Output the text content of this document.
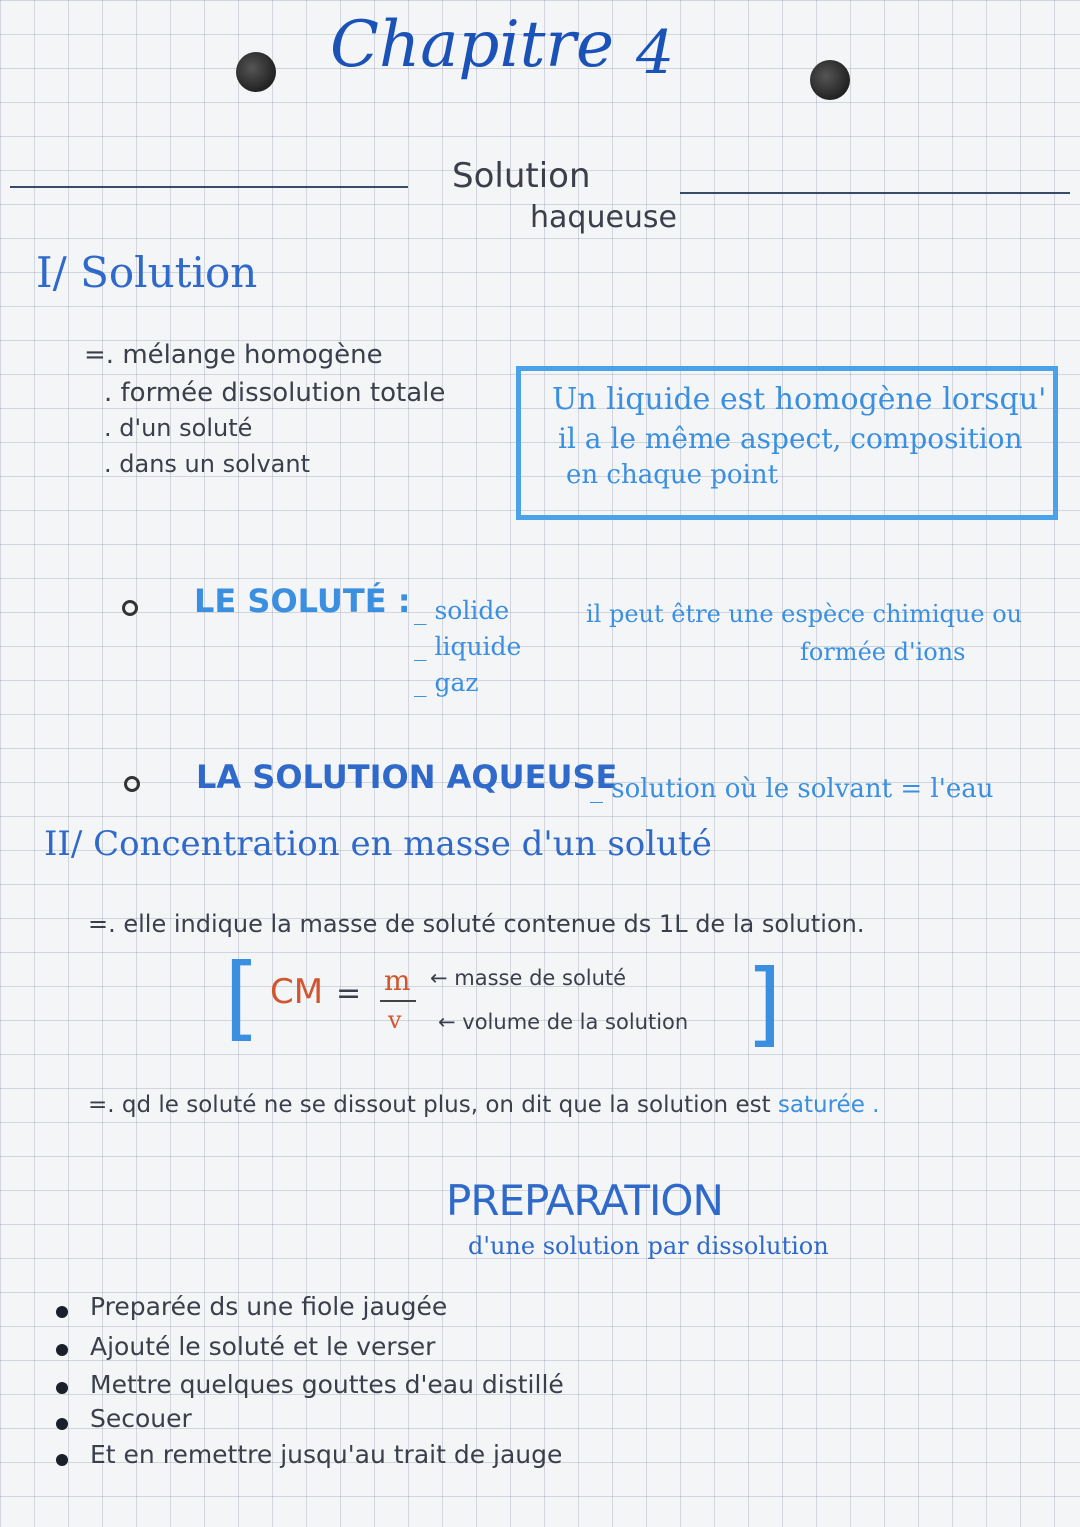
Chapitre 4
Solution
haqueuse
I/ Solution
=. mélange homogène
. formée dissolution totale
. d'un soluté
. dans un solvant
Un liquide est homogène lorsqu'
il a le même aspect, composition
en chaque point
LE SOLUTÉ : _ solide
_ liquide
_ gaz
il peut être une espèce chimique ou
formée d'ions
LA SOLUTION AQUEUSE
_ solution où le solvant = l'eau
II/ Concentration en masse d'un soluté
=. elle indique la masse de soluté contenue ds 1L de la solution.
[ CM = m
v
← masse de soluté
← volume de la solution ]
=. qd le soluté ne se dissout plus, on dit que la solution est saturée .
PREPARATION
d'une solution par dissolution
Preparée ds une fiole jaugée
Ajouté le soluté et le verser
Mettre quelques gouttes d'eau distillé
Secouer
Et en remettre jusqu'au trait de jauge
